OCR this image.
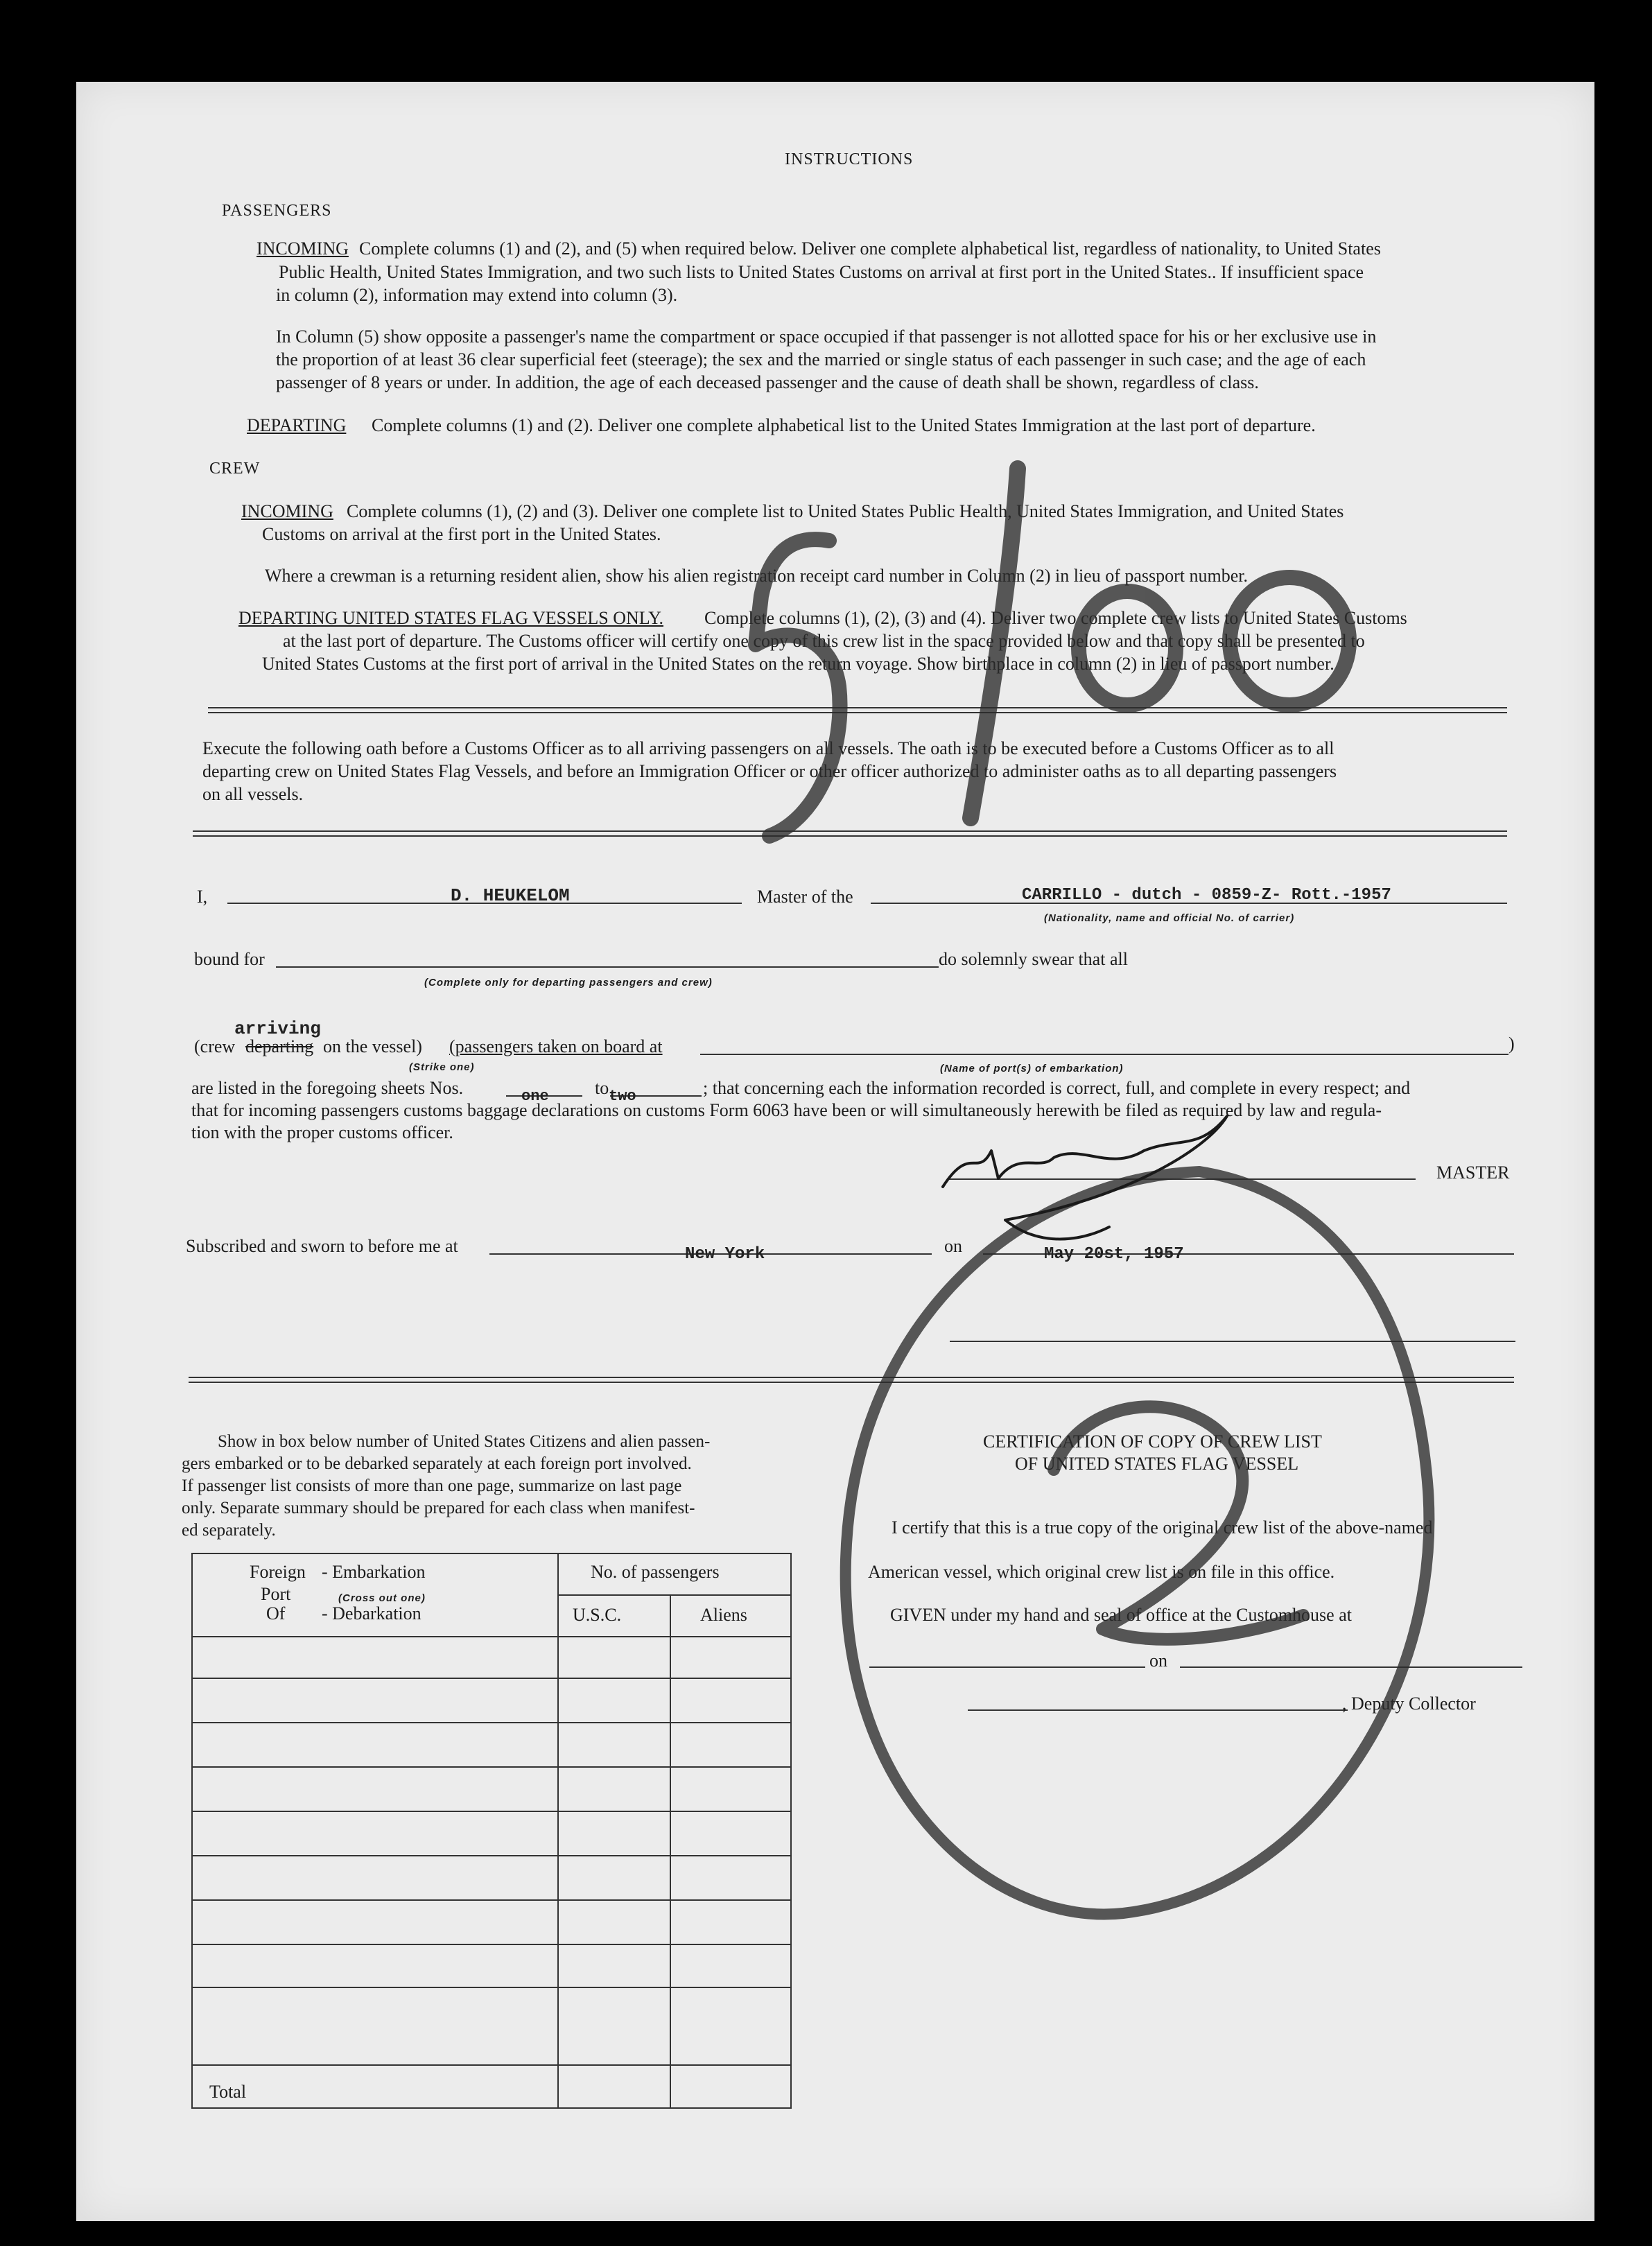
INSTRUCTIONS
PASSENGERS
INCOMING Complete columns (1) and (2), and (5) when required below. Deliver one complete alphabetical list, regardless of nationality, to United States
Public Health, United States Immigration, and two such lists to United States Customs on arrival at first port in the United States.. If insufficient space
in column (2), information may extend into column (3).
In Column (5) show opposite a passenger's name the compartment or space occupied if that passenger is not allotted space for his or her exclusive use in
the proportion of at least 36 clear superficial feet (steerage); the sex and the married or single status of each passenger in such case; and the age of each
passenger of 8 years or under. In addition, the age of each deceased passenger and the cause of death shall be shown, regardless of class.
DEPARTING Complete columns (1) and (2). Deliver one complete alphabetical list to the United States Immigration at the last port of departure.
CREW
INCOMING Complete columns (1), (2) and (3). Deliver one complete list to United States Public Health, United States Immigration, and United States
Customs on arrival at the first port in the United States.
Where a crewman is a returning resident alien, show his alien registration receipt card number in Column (2) in lieu of passport number.
DEPARTING UNITED STATES FLAG VESSELS ONLY. Complete columns (1), (2), (3) and (4). Deliver two complete crew lists to United States Customs
at the last port of departure. The Customs officer will certify one copy of this crew list in the space provided below and that copy shall be presented to
United States Customs at the first port of arrival in the United States on the return voyage. Show birthplace in column (2) in lieu of passport number.
Execute the following oath before a Customs Officer as to all arriving passengers on all vessels. The oath is to be executed before a Customs Officer as to all
departing crew on United States Flag Vessels, and before an Immigration Officer or other officer authorized to administer oaths as to all departing passengers
on all vessels.
I,	D. HEUKELOM	Master of the	CARRILLO - dutch - 0859-Z- Rott.-1957
(Nationality, name and official No. of carrier)
bound for
(Complete only for departing passengers and crew)
do solemnly swear that all
arriving
(crew departing on the vessel) (passengers taken on board at	)
(Strike one)	(Name of port(s) of embarkation)
are listed in the foregoing sheets Nos.	one	to two	; that concerning each the information recorded is correct, full, and complete in every respect; and
that for incoming passengers customs baggage declarations on customs Form 6063 have been or will simultaneously herewith be filed as required by law and regula-
tion with the proper customs officer.
MASTER
Subscribed and sworn to before me at	New York	on	May 20st, 1957
Show in box below number of United States Citizens and alien passen-
gers embarked or to be debarked separately at each foreign port involved.
If passenger list consists of more than one page, summarize on last page
only. Separate summary should be prepared for each class when manifest-
ed separately.
Foreign - Embarkation
Port	(Cross out one)
Of - Debarkation
No. of passengers
U.S.C.	Aliens
Total
CERTIFICATION OF COPY OF CREW LIST
OF UNITED STATES FLAG VESSEL
I certify that this is a true copy of the original crew list of the above-named
American vessel, which original crew list is on file in this office.
GIVEN under my hand and seal of office at the Customhouse at
on
, Deputy Collector
